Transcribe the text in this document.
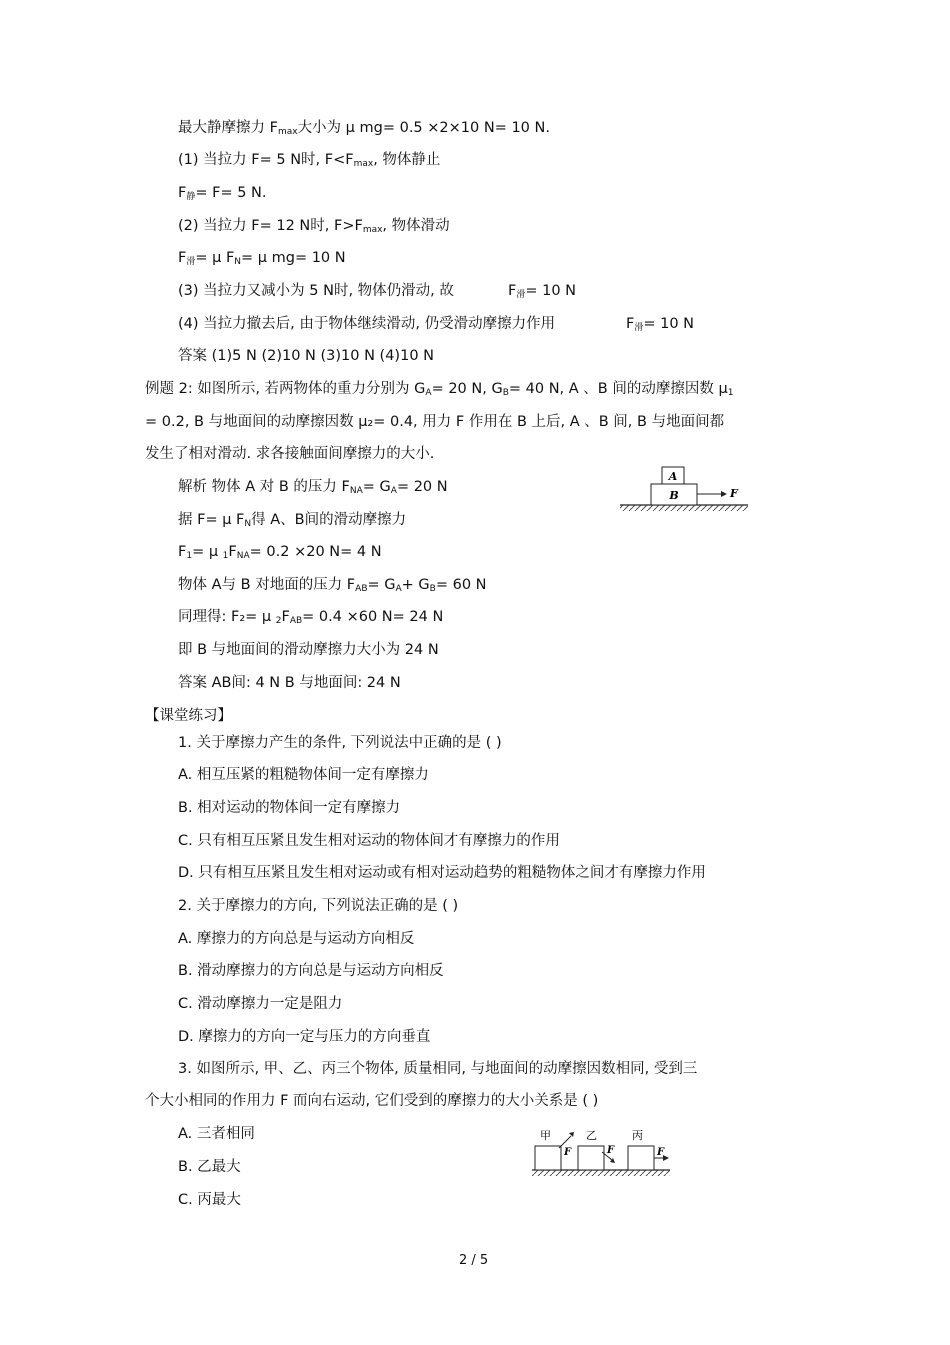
最大静摩擦力 $F_{max}$大小为 μ mg= 0.5 ×2×10 N= 10 N.
(1) 当拉力 F= 5 N时, $F<F_{max}$, 物体静止
$F_静= F= 5$ N.
(2) 当拉力 F= 12 N时, $F>F_{max}$, 物体滑动
$F_滑= \mu$ $F_N= \mu$ mg= 10 N
(3) 当拉力又减小为 5 N时, 物体仍滑动, 故	$F_滑= 10$ N
(4) 当拉力撤去后, 由于物体继续滑动, 仍受滑动摩擦力作用	$F_滑= 10$ N
答案 (1)5 N (2)10 N (3)10 N (4)10 N
例题 2: 如图所示, 若两物体的重力分别为 $G_A= 20$ N, $G_B= 40$ N, A 、B 间的动摩擦因数 $\mu_1$
= 0.2, B 与地面间的动摩擦因数 μ₂= 0.4, 用力 F 作用在 B 上后, A 、B 间, B 与地面间都
发生了相对滑动. 求各接触面间摩擦力的大小.
A
B	F
解析 物体 A 对 B 的压力 $F_{NA}= G_A= 20$ N
据 F= μ $F_N$得 A、B间的滑动摩擦力
$F_1= \mu$ $_1F_{NA}= 0.2 \times 20$ N= 4 N
物体 A与 B 对地面的压力 $F_{AB}= G_A+ G_B= 60$ N
同理得: F₂= μ $_2F_{AB}= 0.4 \times 60$ N= 24 N
即 B 与地面间的滑动摩擦力大小为 24 N
答案 AB间: 4 N B 与地面间: 24 N
【课堂练习】
1. 关于摩擦力产生的条件, 下列说法中正确的是 ( )
A. 相互压紧的粗糙物体间一定有摩擦力
B. 相对运动的物体间一定有摩擦力
C. 只有相互压紧且发生相对运动的物体间才有摩擦力的作用
D. 只有相互压紧且发生相对运动或有相对运动趋势的粗糙物体之间才有摩擦力作用
2. 关于摩擦力的方向, 下列说法正确的是 ( )
A. 摩擦力的方向总是与运动方向相反
B. 滑动摩擦力的方向总是与运动方向相反
C. 滑动摩擦力一定是阻力
D. 摩擦力的方向一定与压力的方向垂直
3. 如图所示, 甲、乙、丙三个物体, 质量相同, 与地面间的动摩擦因数相同, 受到三
个大小相同的作用力 F 而向右运动, 它们受到的摩擦力的大小关系是 ( )
A. 三者相同
B. 乙最大
C. 丙最大
甲
F
乙
F
丙
F
2 / 5
